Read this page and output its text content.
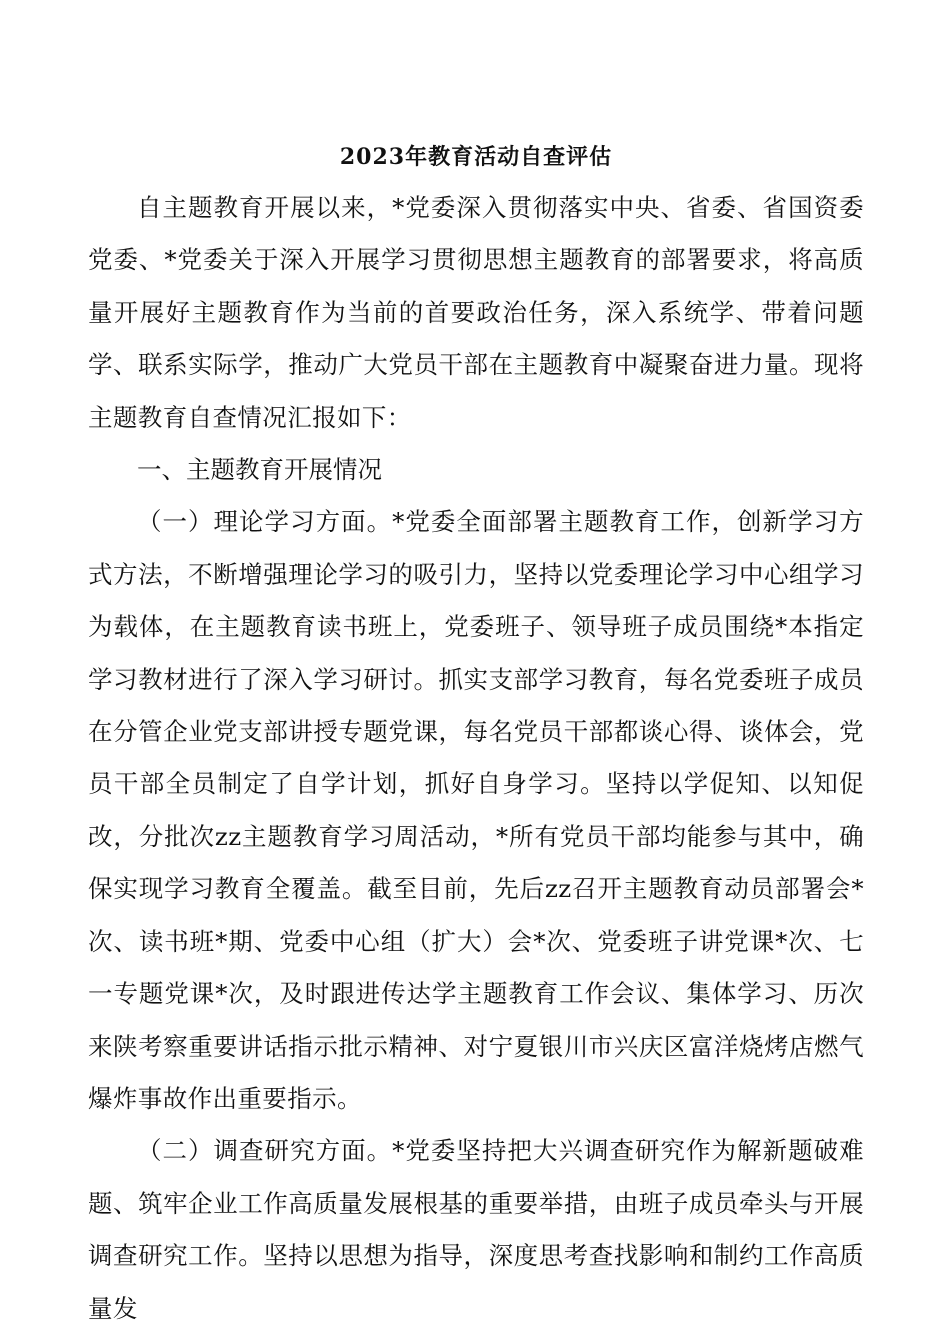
2023年教育活动自查评估

自主题教育开展以来，*党委深入贯彻落实中央、省委、省国资委党委、*党委关于深入开展学习贯彻思想主题教育的部署要求，将高质量开展好主题教育作为当前的首要政治任务，深入系统学、带着问题学、联系实际学，推动广大党员干部在主题教育中凝聚奋进力量。现将主题教育自查情况汇报如下：

一、主题教育开展情况

（一）理论学习方面。*党委全面部署主题教育工作，创新学习方式方法，不断增强理论学习的吸引力，坚持以党委理论学习中心组学习为载体，在主题教育读书班上，党委班子、领导班子成员围绕*本指定学习教材进行了深入学习研讨。抓实支部学习教育，每名党委班子成员在分管企业党支部讲授专题党课，每名党员干部都谈心得、谈体会，党员干部全员制定了自学计划，抓好自身学习。坚持以学促知、以知促改，分批次zz主题教育学习周活动，*所有党员干部均能参与其中，确保实现学习教育全覆盖。截至目前，先后zz召开主题教育动员部署会*次、读书班*期、党委中心组（扩大）会*次、党委班子讲党课*次、七一专题党课*次，及时跟进传达学主题教育工作会议、集体学习、历次来陕考察重要讲话指示批示精神、对宁夏银川市兴庆区富洋烧烤店燃气爆炸事故作出重要指示。

（二）调查研究方面。*党委坚持把大兴调查研究作为解新题破难题、筑牢企业工作高质量发展根基的重要举措，由班子成员牵头与开展调查研究工作。坚持以思想为指导，深度思考查找影响和制约工作高质量发
